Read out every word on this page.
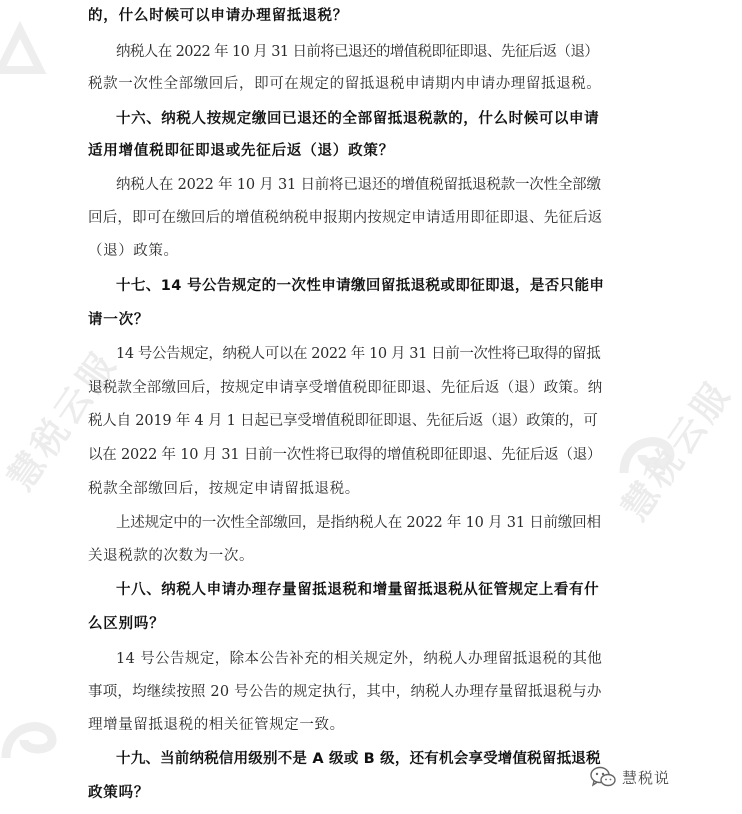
慧税云服	慧税云服
的，什么时候可以申请办理留抵退税？
纳税人在 2022 年 10 月 31 日前将已退还的增值税即征即退、先征后返（退）
税款一次性全部缴回后，即可在规定的留抵退税申请期内申请办理留抵退税。
十六、纳税人按规定缴回已退还的全部留抵退税款的，什么时候可以申请
适用增值税即征即退或先征后返（退）政策？
纳税人在 2022 年 10 月 31 日前将已退还的增值税留抵退税款一次性全部缴
回后，即可在缴回后的增值税纳税申报期内按规定申请适用即征即退、先征后返
（退）政策。
十七、14 号公告规定的一次性申请缴回留抵退税或即征即退，是否只能申
请一次？
14 号公告规定，纳税人可以在 2022 年 10 月 31 日前一次性将已取得的留抵
退税款全部缴回后，按规定申请享受增值税即征即退、先征后返（退）政策。纳
税人自 2019 年 4 月 1 日起已享受增值税即征即退、先征后返（退）政策的，可
以在 2022 年 10 月 31 日前一次性将已取得的增值税即征即退、先征后返（退）
税款全部缴回后，按规定申请留抵退税。
上述规定中的一次性全部缴回，是指纳税人在 2022 年 10 月 31 日前缴回相
关退税款的次数为一次。
十八、纳税人申请办理存量留抵退税和增量留抵退税从征管规定上看有什
么区别吗？
14 号公告规定，除本公告补充的相关规定外，纳税人办理留抵退税的其他
事项，均继续按照 20 号公告的规定执行，其中，纳税人办理存量留抵退税与办
理增量留抵退税的相关征管规定一致。
十九、当前纳税信用级别不是 A 级或 B 级，还有机会享受增值税留抵退税
政策吗？
慧税说
